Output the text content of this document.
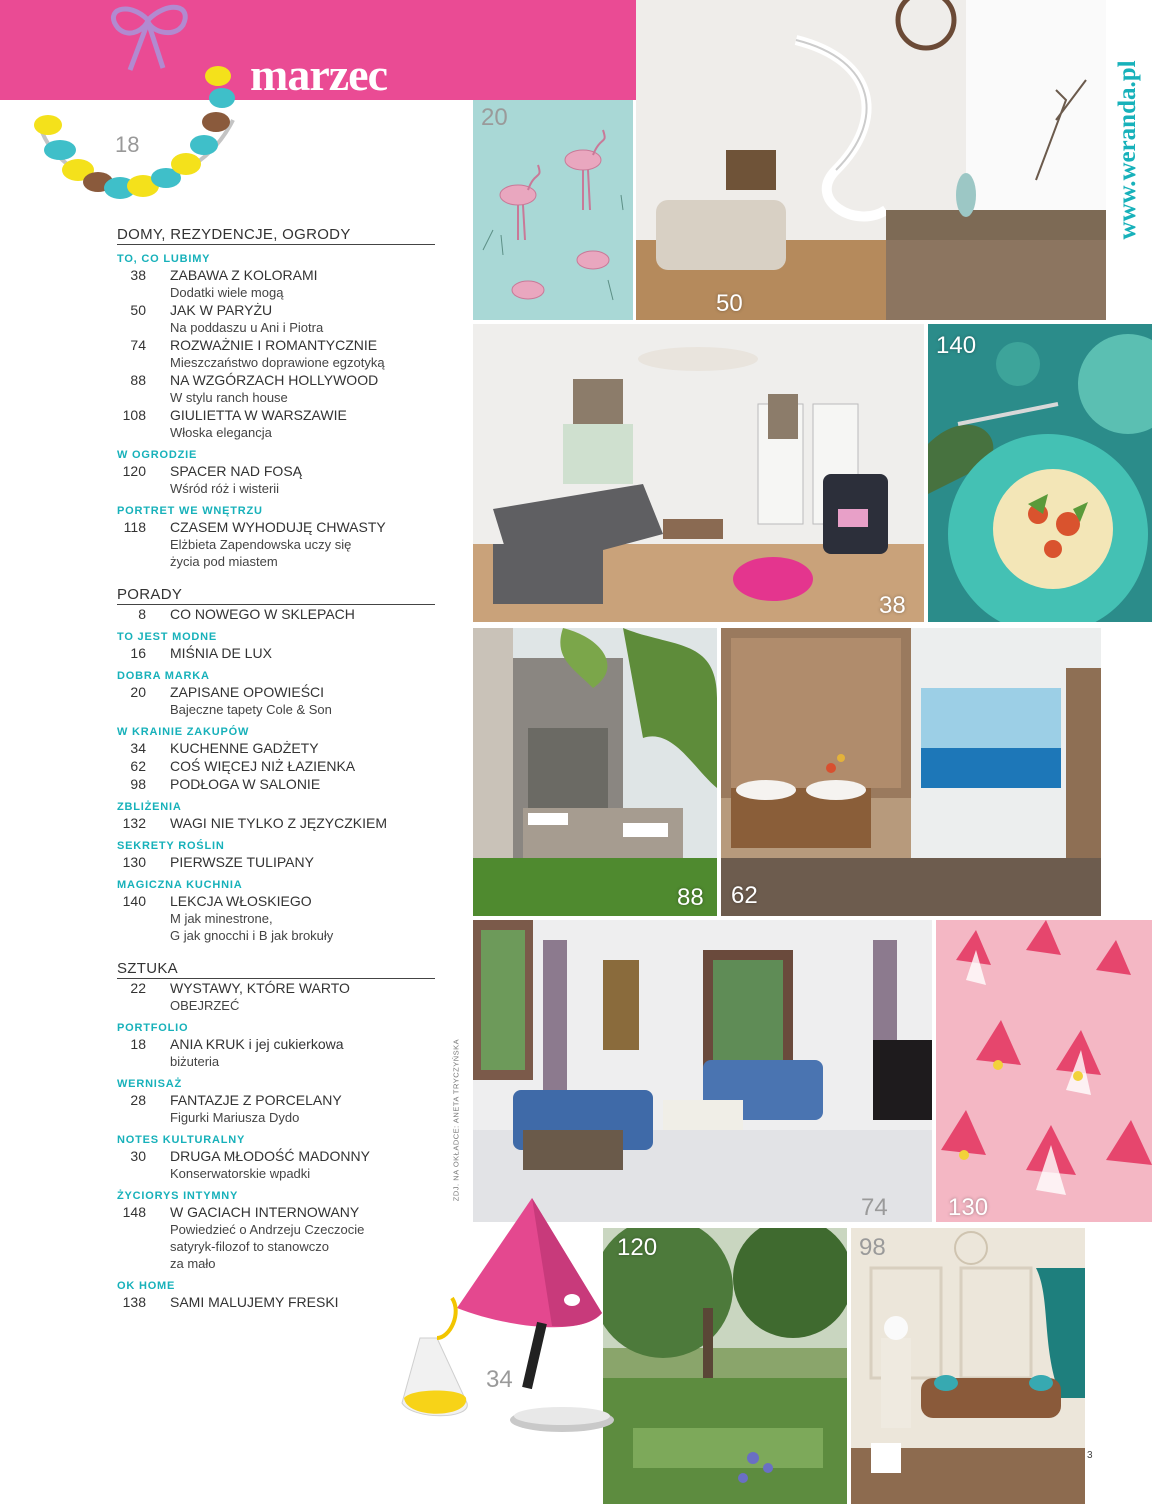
marzec
18	www.weranda.pl
ZDJ. NA OKŁADCE: ANETA TRYCZYŃSKA
DOMY, REZYDENCJE, OGRODY
TO, CO LUBIMY
38	ZABAWA Z KOLORAMI
Dodatki wiele mogą
50	JAK W PARYŻU
Na poddaszu u Ani i Piotra
74	ROZWAŻNIE I ROMANTYCZNIE
Mieszczaństwo doprawione egzotyką
88	NA WZGÓRZACH HOLLYWOOD
W stylu ranch house
108	GIULIETTA W WARSZAWIE
Włoska elegancja
W OGRODZIE
120	SPACER NAD FOSĄ
Wśród róż i wisterii
PORTRET WE WNĘTRZU
118	CZASEM WYHODUJĘ CHWASTY
Elżbieta Zapendowska uczy się
życia pod miastem
PORADY
8	CO NOWEGO W SKLEPACH
TO JEST MODNE
16	MIŚNIA DE LUX
DOBRA MARKA
20	ZAPISANE OPOWIEŚCI
Bajeczne tapety Cole & Son
W KRAINIE ZAKUPÓW
34	KUCHENNE GADŻETY
62	COŚ WIĘCEJ NIŻ ŁAZIENKA
98	PODŁOGA W SALONIE
ZBLIŻENIA
132	WAGI NIE TYLKO Z JĘZYCZKIEM
SEKRETY ROŚLIN
130	PIERWSZE TULIPANY
MAGICZNA KUCHNIA
140	LEKCJA WŁOSKIEGO
M jak minestrone,
G jak gnocchi i B jak brokuły
SZTUKA
22	WYSTAWY, KTÓRE WARTO
OBEJRZEĆ
PORTFOLIO
18	ANIA KRUK i jej cukierkowa
biżuteria
WERNISAŻ
28	FANTAZJE Z PORCELANY
Figurki Mariusza Dydo
NOTES KULTURALNY
30	DRUGA MŁODOŚĆ MADONNY
Konserwatorskie wpadki
ŻYCIORYS INTYMNY
148	W GACIACH INTERNOWANY
Powiedzieć o Andrzeju Czeczocie
satyryk-filozof to stanowczo
za mało
OK HOME
138	SAMI MALUJEMY FRESKI
20
50
38
140
88 62
74	130
120	98
34
3
